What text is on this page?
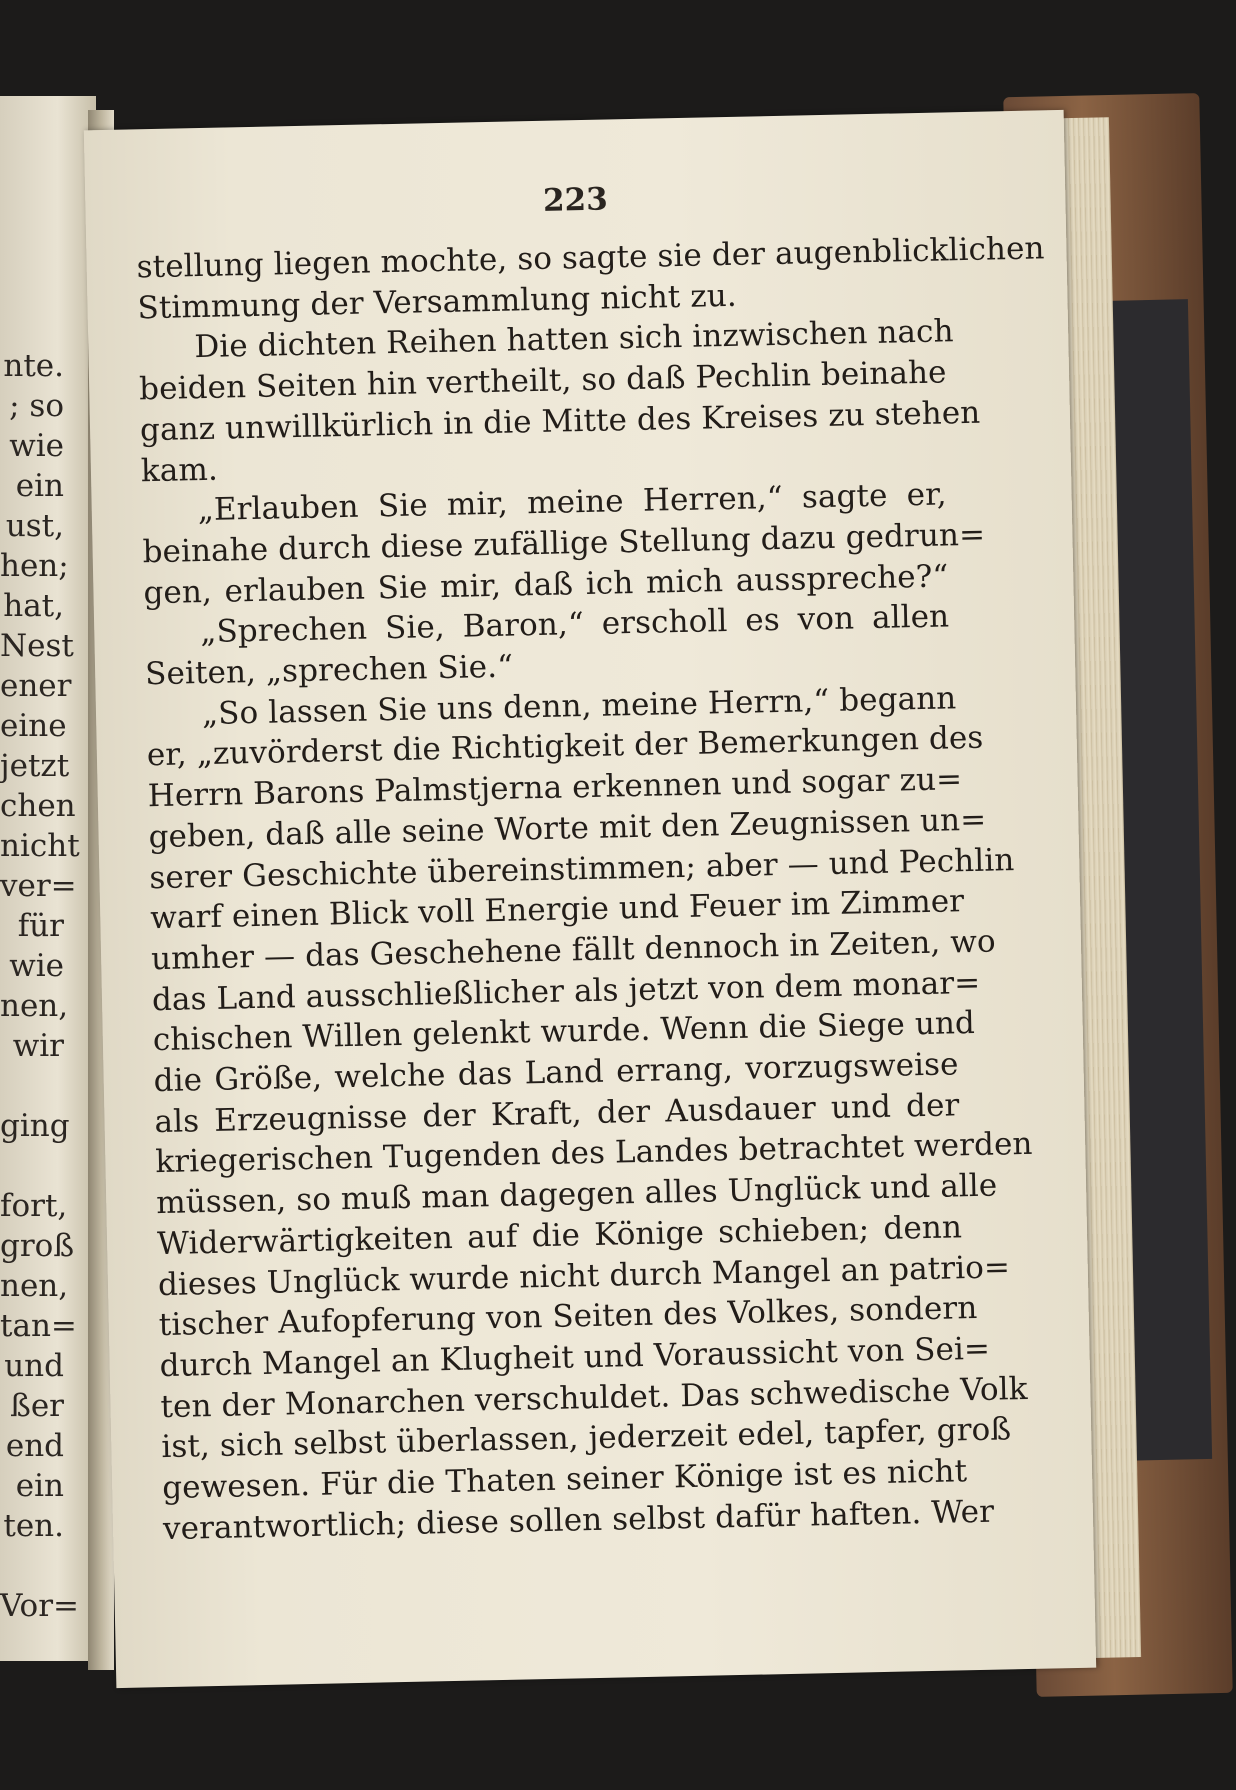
nte.
; so
wie
ein
ust,
hen;
hat,
Nest
ener
eine
jetzt
chen
nicht
ver=
für
wie
nen,
wir

ging

fort,
groß
nen,
tan=
und
ßer
end
ein
ten.

Vor=
223
stellung liegen mochte, so sagte sie der augenblicklichen
Stimmung der Versammlung nicht zu.
Die dichten Reihen hatten sich inzwischen nach
beiden Seiten hin vertheilt, so daß Pechlin beinahe
ganz unwillkürlich in die Mitte des Kreises zu stehen
kam.
„Erlauben Sie mir, meine Herren,“ sagte er,
beinahe durch diese zufällige Stellung dazu gedrun=
gen, erlauben Sie mir, daß ich mich ausspreche?“
„Sprechen Sie, Baron,“ erscholl es von allen
Seiten, „sprechen Sie.“
„So lassen Sie uns denn, meine Herrn,“ begann
er, „zuvörderst die Richtigkeit der Bemerkungen des
Herrn Barons Palmstjerna erkennen und sogar zu=
geben, daß alle seine Worte mit den Zeugnissen un=
serer Geschichte übereinstimmen; aber — und Pechlin
warf einen Blick voll Energie und Feuer im Zimmer
umher — das Geschehene fällt dennoch in Zeiten, wo
das Land ausschließlicher als jetzt von dem monar=
chischen Willen gelenkt wurde. Wenn die Siege und
die Größe, welche das Land errang, vorzugsweise
als Erzeugnisse der Kraft, der Ausdauer und der
kriegerischen Tugenden des Landes betrachtet werden
müssen, so muß man dagegen alles Unglück und alle
Widerwärtigkeiten auf die Könige schieben; denn
dieses Unglück wurde nicht durch Mangel an patrio=
tischer Aufopferung von Seiten des Volkes, sondern
durch Mangel an Klugheit und Voraussicht von Sei=
ten der Monarchen verschuldet. Das schwedische Volk
ist, sich selbst überlassen, jederzeit edel, tapfer, groß
gewesen. Für die Thaten seiner Könige ist es nicht
verantwortlich; diese sollen selbst dafür haften. Wer
